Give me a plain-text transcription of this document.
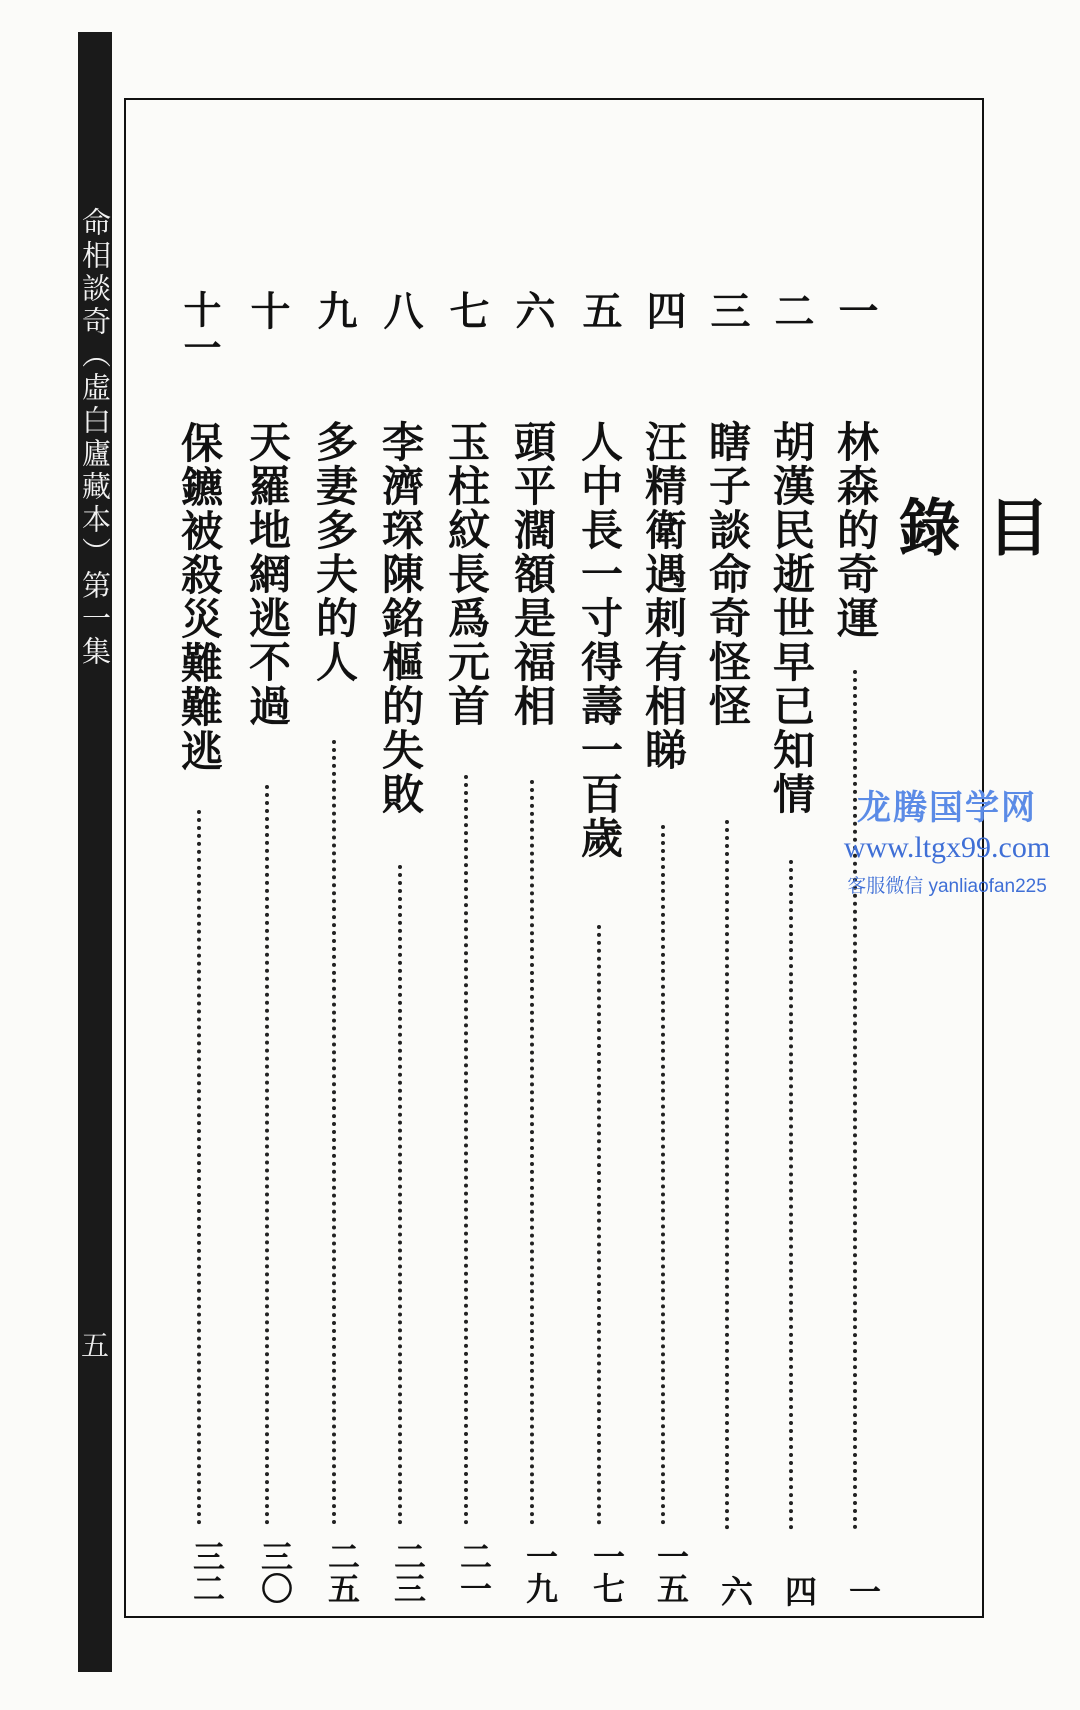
命相談奇（虛白廬藏本）第一集
五
目
錄
一
林森的奇運
二
胡漢民逝世早已知情
三
瞎子談命奇怪怪
四
汪精衛遇刺有相睇
五
人中長一寸得壽一百歲
六
頭平濶額是福相
七
玉柱紋長爲元首
八
李濟琛陳銘樞的失敗
九
多妻多夫的人
十
天羅地網逃不過
十一
保鑣被殺災難難逃
一
四
六
一五
一七
一九
二一
二三
二五
三〇
三二
龙腾国学网
www.ltgx99.com
客服微信 yanliaofan225
